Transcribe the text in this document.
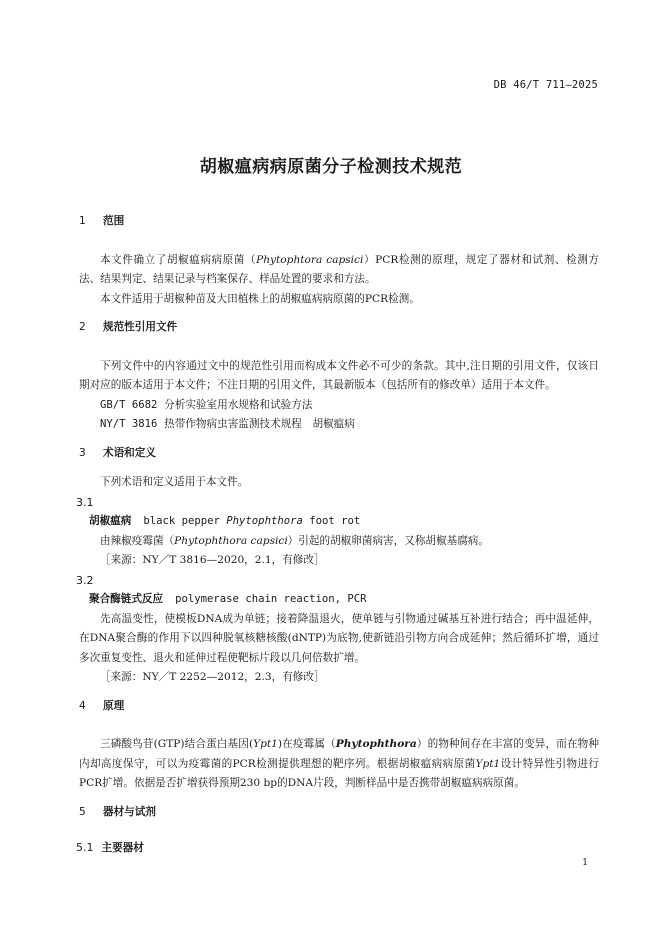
DB 46/T 711—2025
胡椒瘟病病原菌分子检测技术规范
1 范围

本文件确立了胡椒瘟病病原菌（Phytophtora capsici）PCR检测的原理，规定了器材和试剂、检测方法、结果判定、结果记录与档案保存、样品处置的要求和方法。

本文件适用于胡椒种苗及大田植株上的胡椒瘟病病原菌的PCR检测。

2 规范性引用文件

下列文件中的内容通过文中的规范性引用而构成本文件必不可少的条款。其中,注日期的引用文件，仅该日期对应的版本适用于本文件；不注日期的引用文件，其最新版本（包括所有的修改单）适用于本文件。

GB/T 6682 分析实验室用水规格和试验方法
NY/T 3816 热带作物病虫害监测技术规程　胡椒瘟病
3 术语和定义

下列术语和定义适用于本文件。

3.1
胡椒瘟病 black pepper Phytophthora foot rot
由辣椒疫霉菌（Phytophthora capsici）引起的胡椒卵菌病害，又称胡椒基腐病。
［来源：NY／T 3816—2020，2.1，有修改］
3.2
聚合酶链式反应 polymerase chain reaction, PCR

先高温变性，使模板DNA成为单链；接着降温退火，使单链与引物通过碱基互补进行结合；再中温延伸，在DNA聚合酶的作用下以四种脱氧核糖核酸(dNTP)为底物,使新链沿引物方向合成延伸；然后循环扩增，通过多次重复变性、退火和延伸过程使靶标片段以几何倍数扩增。

［来源：NY／T 2252—2012，2.3，有修改］
4 原理

三磷酸鸟苷(GTP)结合蛋白基因(Ypt1)在疫霉属（Phytophthora）的物种间存在丰富的变异，而在物种内却高度保守，可以为疫霉菌的PCR检测提供理想的靶序列。根据胡椒瘟病病原菌Ypt1设计特异性引物进行PCR扩增。依据是否扩增获得预期230 bp的DNA片段，判断样品中是否携带胡椒瘟病病原菌。

5 器材与试剂
5.1 主要器材
1
